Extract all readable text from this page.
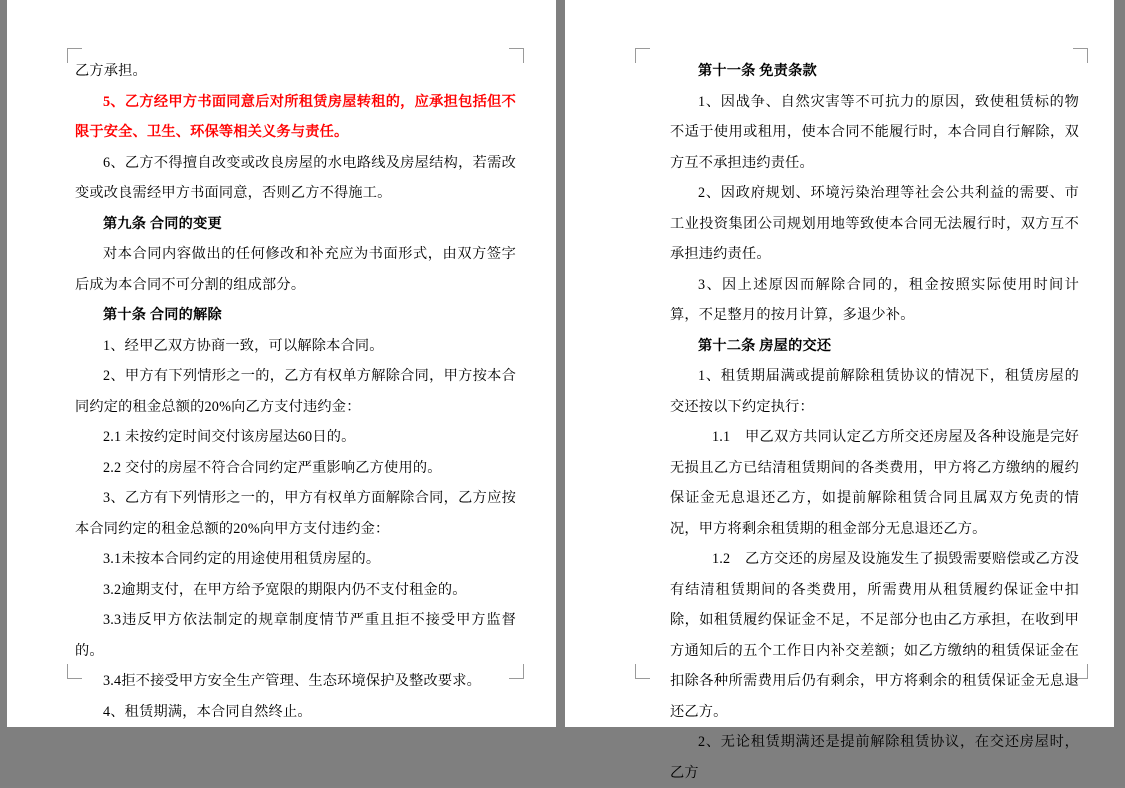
乙方承担。

5、乙方经甲方书面同意后对所租赁房屋转租的，应承担包括但不限于安全、卫生、环保等相关义务与责任。

6、乙方不得擅自改变或改良房屋的水电路线及房屋结构，若需改变或改良需经甲方书面同意，否则乙方不得施工。

第九条 合同的变更

对本合同内容做出的任何修改和补充应为书面形式，由双方签字后成为本合同不可分割的组成部分。

第十条 合同的解除

1、经甲乙双方协商一致，可以解除本合同。

2、甲方有下列情形之一的，乙方有权单方解除合同，甲方按本合同约定的租金总额的20%向乙方支付违约金：

2.1 未按约定时间交付该房屋达60日的。

2.2 交付的房屋不符合合同约定严重影响乙方使用的。

3、乙方有下列情形之一的，甲方有权单方面解除合同，乙方应按本合同约定的租金总额的20%向甲方支付违约金：

3.1未按本合同约定的用途使用租赁房屋的。

3.2逾期支付，在甲方给予宽限的期限内仍不支付租金的。

3.3违反甲方依法制定的规章制度情节严重且拒不接受甲方监督的。

3.4拒不接受甲方安全生产管理、生态环境保护及整改要求。

4、租赁期满，本合同自然终止。

第十一条 免责条款

1、因战争、自然灾害等不可抗力的原因，致使租赁标的物不适于使用或租用，使本合同不能履行时，本合同自行解除，双方互不承担违约责任。

2、因政府规划、环境污染治理等社会公共利益的需要、市工业投资集团公司规划用地等致使本合同无法履行时，双方互不承担违约责任。

3、因上述原因而解除合同的，租金按照实际使用时间计算，不足整月的按月计算，多退少补。

第十二条 房屋的交还

1、租赁期届满或提前解除租赁协议的情况下，租赁房屋的交还按以下约定执行：

1.1　甲乙双方共同认定乙方所交还房屋及各种设施是完好无损且乙方已结清租赁期间的各类费用，甲方将乙方缴纳的履约保证金无息退还乙方，如提前解除租赁合同且属双方免责的情况，甲方将剩余租赁期的租金部分无息退还乙方。

1.2　乙方交还的房屋及设施发生了损毁需要赔偿或乙方没有结清租赁期间的各类费用，所需费用从租赁履约保证金中扣除，如租赁履约保证金不足，不足部分也由乙方承担，在收到甲方通知后的五个工作日内补交差额；如乙方缴纳的租赁保证金在扣除各种所需费用后仍有剩余，甲方将剩余的租赁保证金无息退还乙方。

2、无论租赁期满还是提前解除租赁协议，在交还房屋时，乙方
